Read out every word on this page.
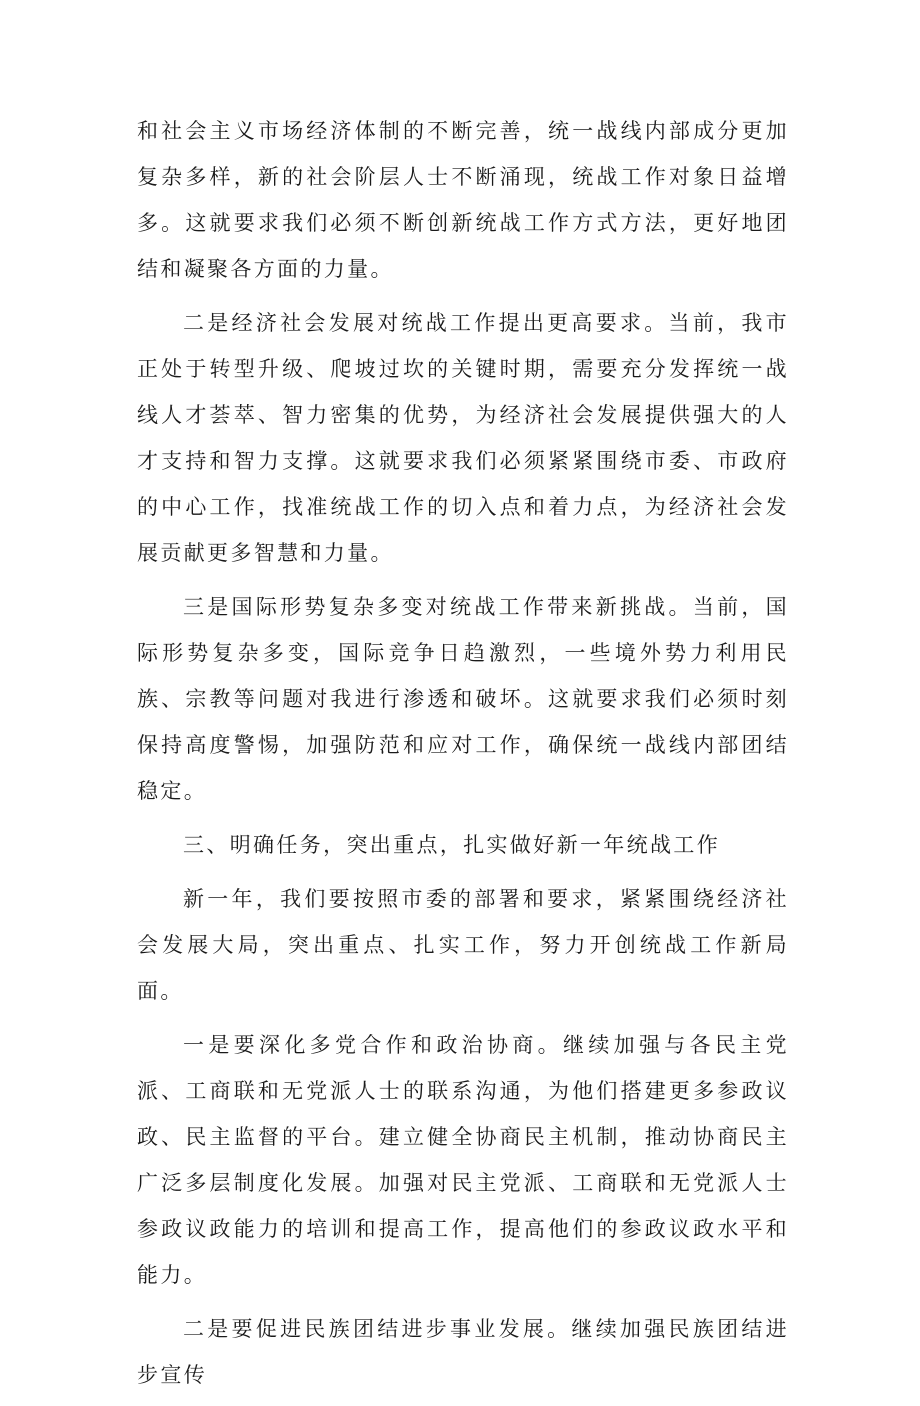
和社会主义市场经济体制的不断完善，统一战线内部成分更加复杂多样，新的社会阶层人士不断涌现，统战工作对象日益增多。这就要求我们必须不断创新统战工作方式方法，更好地团结和凝聚各方面的力量。

二是经济社会发展对统战工作提出更高要求。当前，我市正处于转型升级、爬坡过坎的关键时期，需要充分发挥统一战线人才荟萃、智力密集的优势，为经济社会发展提供强大的人才支持和智力支撑。这就要求我们必须紧紧围绕市委、市政府的中心工作，找准统战工作的切入点和着力点，为经济社会发展贡献更多智慧和力量。

三是国际形势复杂多变对统战工作带来新挑战。当前，国际形势复杂多变，国际竞争日趋激烈，一些境外势力利用民族、宗教等问题对我进行渗透和破坏。这就要求我们必须时刻保持高度警惕，加强防范和应对工作，确保统一战线内部团结稳定。

三、明确任务，突出重点，扎实做好新一年统战工作

新一年，我们要按照市委的部署和要求，紧紧围绕经济社会发展大局，突出重点、扎实工作，努力开创统战工作新局面。

一是要深化多党合作和政治协商。继续加强与各民主党派、工商联和无党派人士的联系沟通，为他们搭建更多参政议政、民主监督的平台。建立健全协商民主机制，推动协商民主广泛多层制度化发展。加强对民主党派、工商联和无党派人士参政议政能力的培训和提高工作，提高他们的参政议政水平和能力。

二是要促进民族团结进步事业发展。继续加强民族团结进步宣传
